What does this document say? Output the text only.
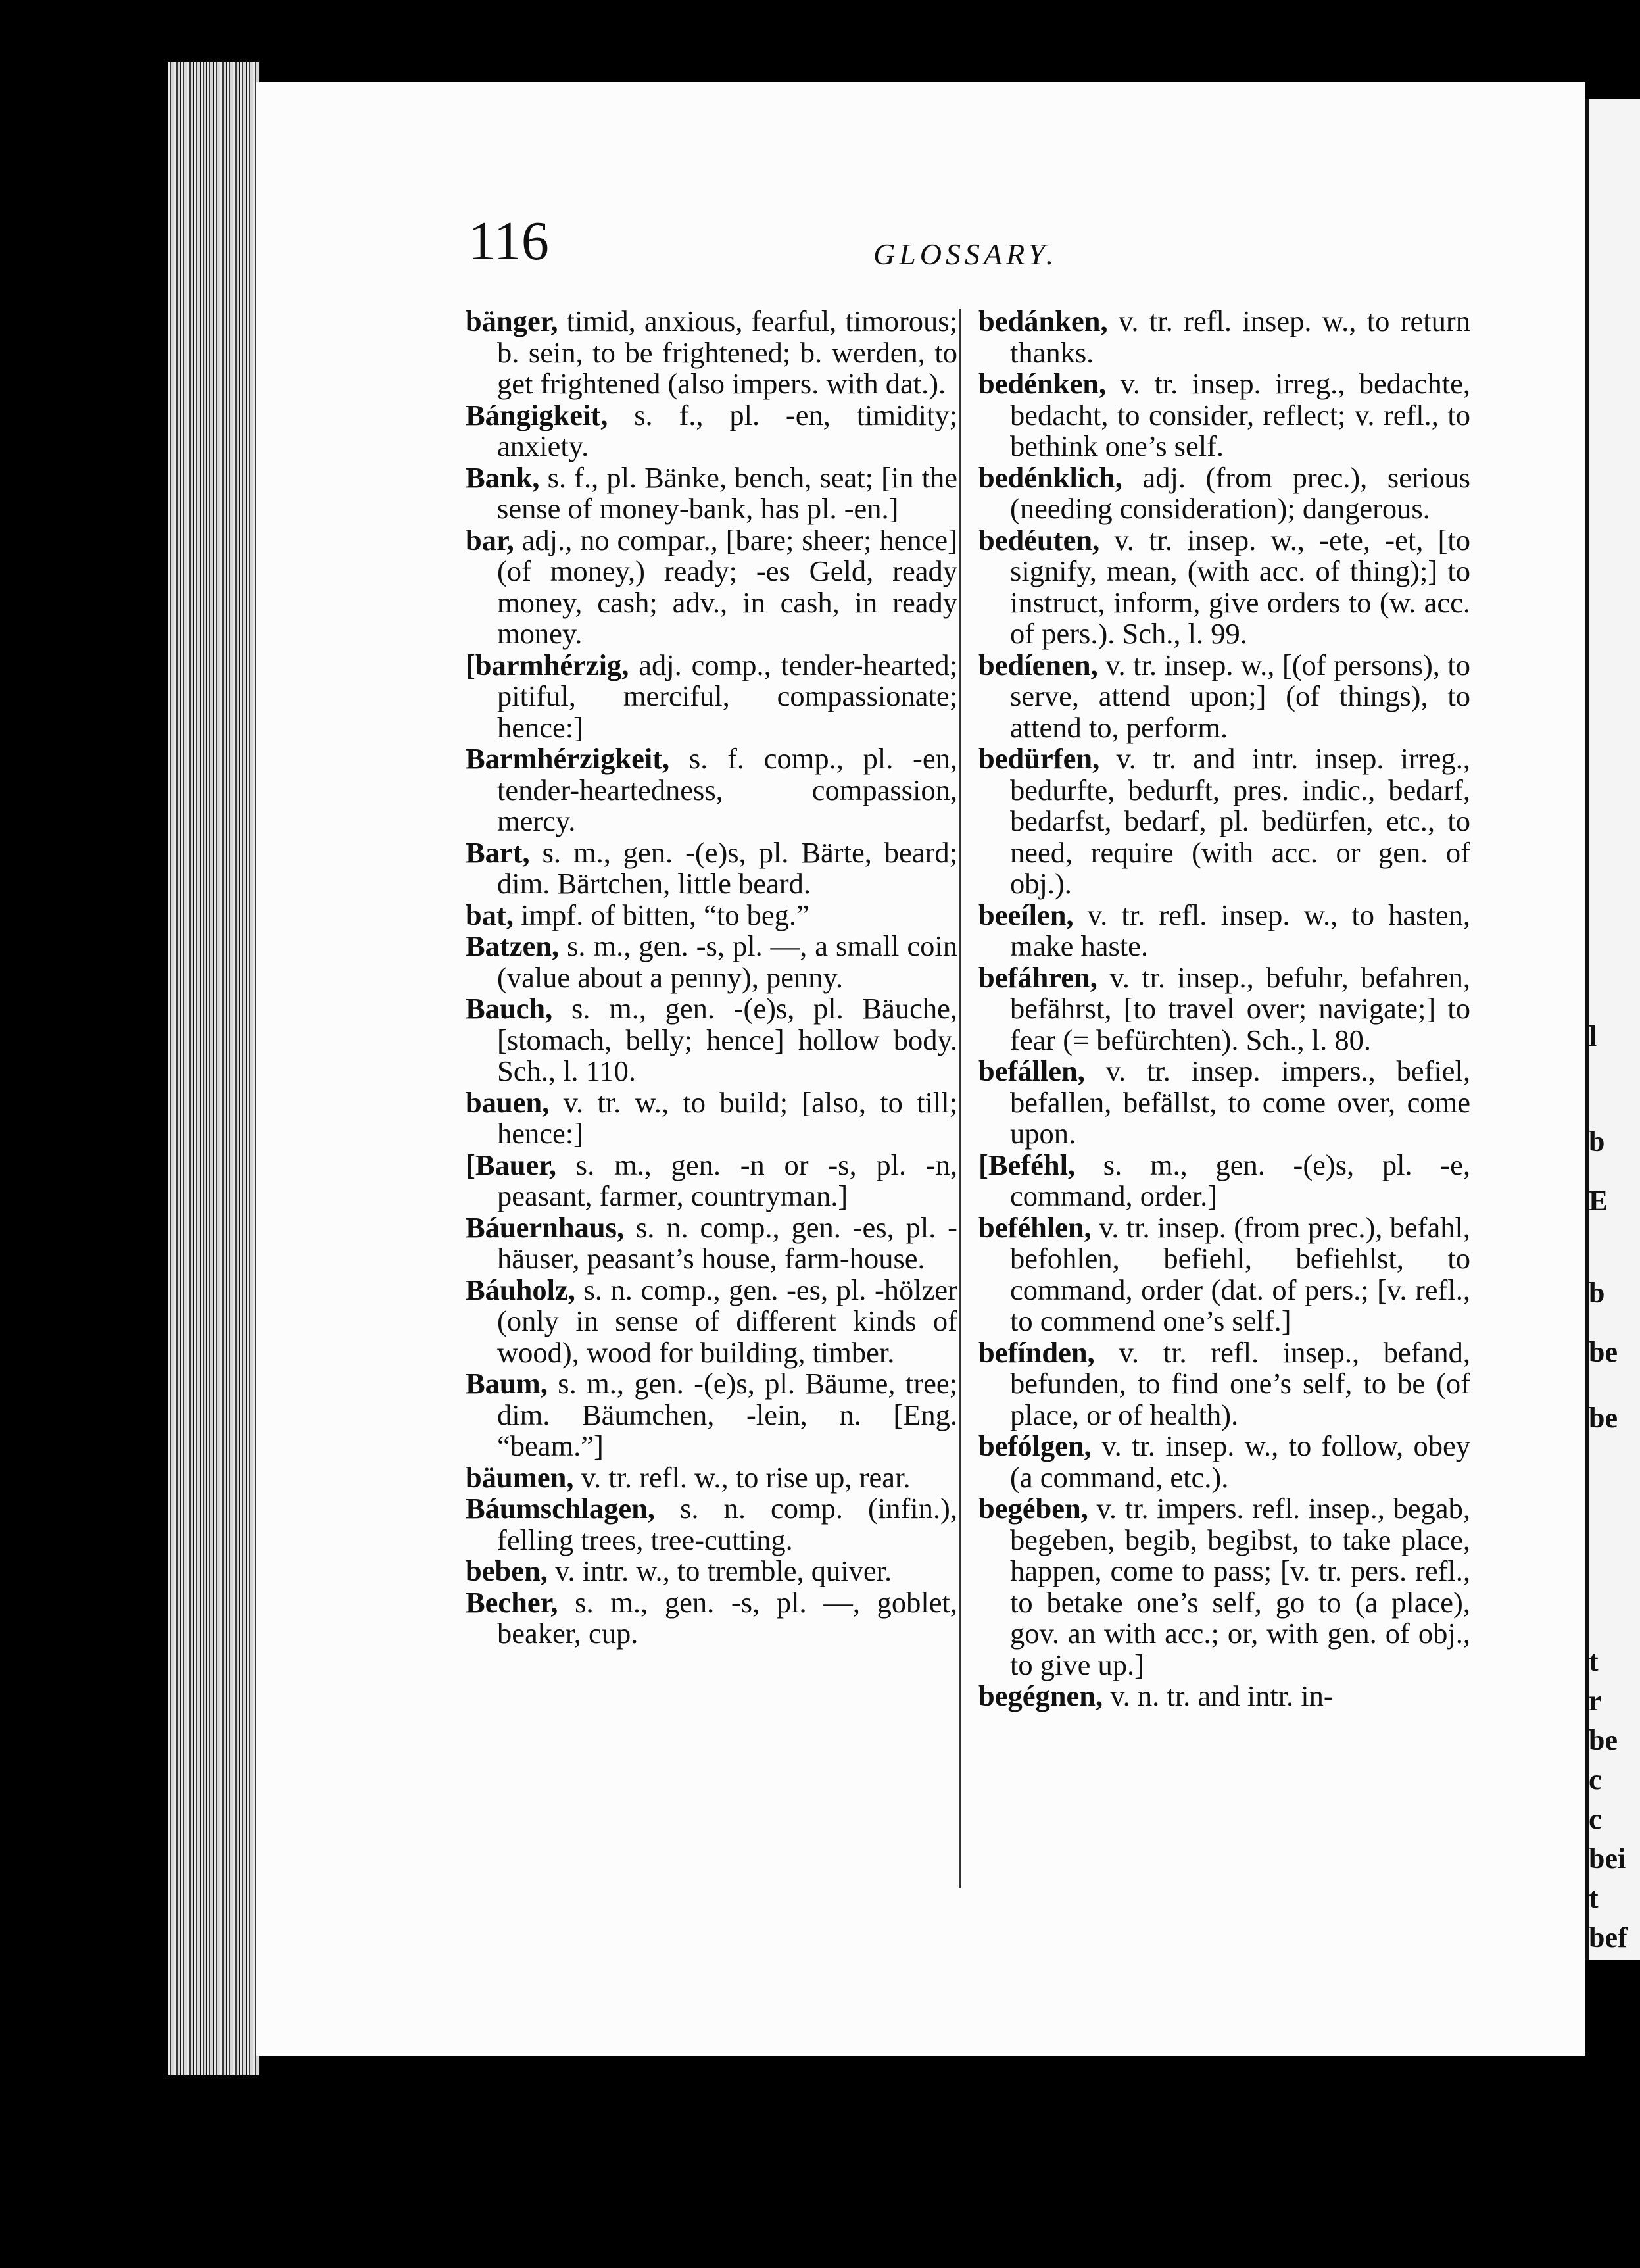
l
b
E
b
be
be
t
r
be
c
c
bei
t
bef

116	GLOSSARY.

bänger, timid, anxious, fearful, timorous; b. sein, to be frightened; b. werden, to get frightened (also impers. with dat.).

Bángigkeit, s. f., pl. -en, timidity; anxiety.

Bank, s. f., pl. Bänke, bench, seat; [in the sense of money-bank, has pl. -en.]

bar, adj., no compar., [bare; sheer; hence] (of money,) ready; -es Geld, ready money, cash; adv., in cash, in ready money.

[barmhérzig, adj. comp., tender-hearted; pitiful, merciful, compassionate; hence:]

Barmhérzigkeit, s. f. comp., pl. -en, tender-heartedness, compassion, mercy.

Bart, s. m., gen. -(e)s, pl. Bärte, beard; dim. Bärtchen, little beard.

bat, impf. of bitten, “to beg.”

Batzen, s. m., gen. -s, pl. —, a small coin (value about a penny), penny.

Bauch, s. m., gen. -(e)s, pl. Bäuche, [stomach, belly; hence] hollow body. Sch., l. 110.

bauen, v. tr. w., to build; [also, to till; hence:]

[Bauer, s. m., gen. -n or -s, pl. -n, peasant, farmer, countryman.]

Báuernhaus, s. n. comp., gen. -es, pl. -häuser, peasant’s house, farm-house.

Báuholz, s. n. comp., gen. -es, pl. -hölzer (only in sense of different kinds of wood), wood for building, timber.

Baum, s. m., gen. -(e)s, pl. Bäume, tree; dim. Bäumchen, -lein, n. [Eng. “beam.”]

bäumen, v. tr. refl. w., to rise up, rear.

Báumschlagen, s. n. comp. (infin.), felling trees, tree-cutting.

beben, v. intr. w., to tremble, quiver.

Becher, s. m., gen. -s, pl. —, goblet, beaker, cup.

bedánken, v. tr. refl. insep. w., to return thanks.

bedénken, v. tr. insep. irreg., bedachte, bedacht, to consider, reflect; v. refl., to bethink one’s self.

bedénklich, adj. (from prec.), serious (needing consideration); dangerous.

bedéuten, v. tr. insep. w., -ete, -et, [to signify, mean, (with acc. of thing);] to instruct, inform, give orders to (w. acc. of pers.). Sch., l. 99.

bedíenen, v. tr. insep. w., [(of persons), to serve, attend upon;] (of things), to attend to, perform.

bedürfen, v. tr. and intr. insep. irreg., bedurfte, bedurft, pres. indic., bedarf, bedarfst, bedarf, pl. bedürfen, etc., to need, require (with acc. or gen. of obj.).

beeílen, v. tr. refl. insep. w., to hasten, make haste.

befáhren, v. tr. insep., befuhr, befahren, befährst, [to travel over; navigate;] to fear (= befürchten). Sch., l. 80.

befállen, v. tr. insep. impers., befiel, befallen, befällst, to come over, come upon.

[Beféhl, s. m., gen. -(e)s, pl. -e, command, order.]

beféhlen, v. tr. insep. (from prec.), befahl, befohlen, befiehl, befiehlst, to command, order (dat. of pers.; [v. refl., to commend one’s self.]

befínden, v. tr. refl. insep., befand, befunden, to find one’s self, to be (of place, or of health).

befólgen, v. tr. insep. w., to follow, obey (a command, etc.).

begében, v. tr. impers. refl. insep., begab, begeben, begib, begibst, to take place, happen, come to pass; [v. tr. pers. refl., to betake one’s self, go to (a place), gov. an with acc.; or, with gen. of obj., to give up.]

begégnen, v. n. tr. and intr. in-
